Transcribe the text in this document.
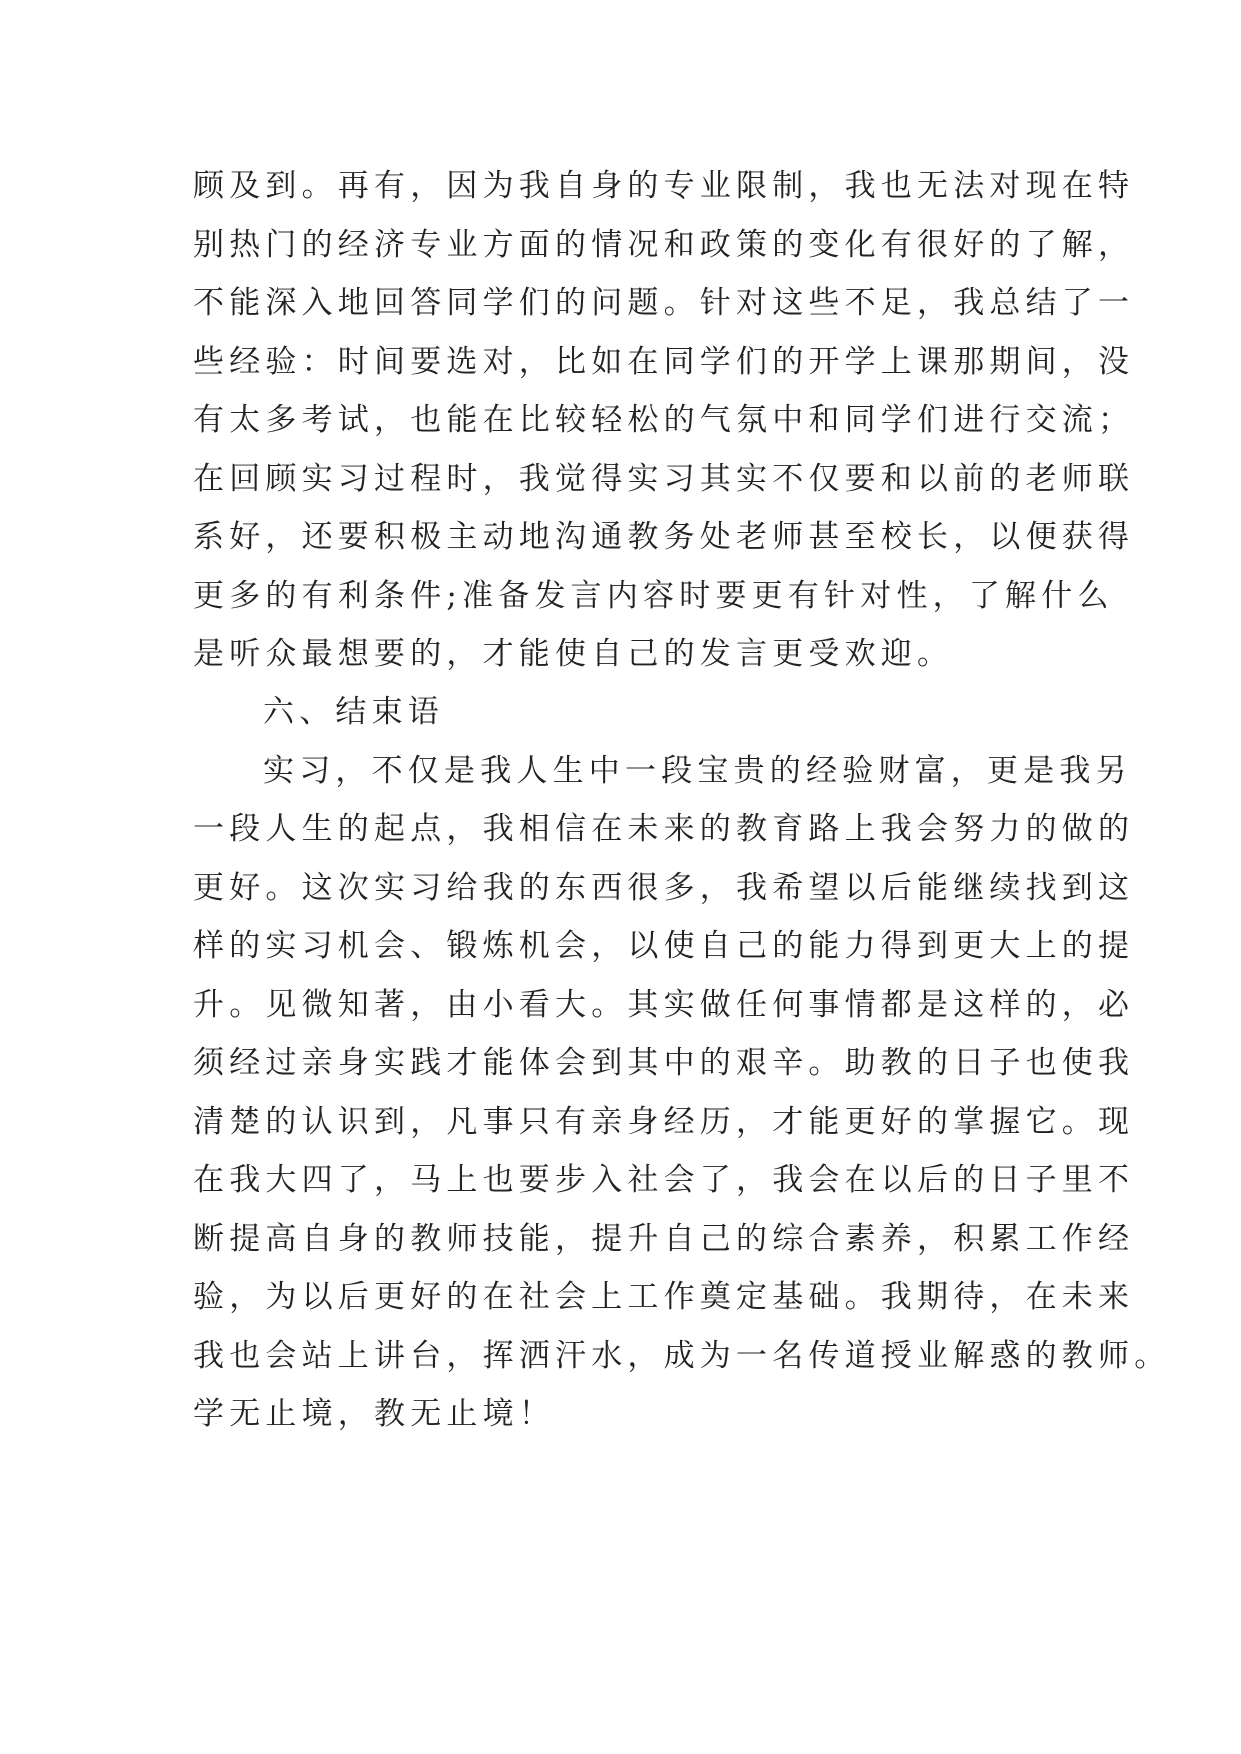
顾及到。再有，因为我自身的专业限制，我也无法对现在特
别热门的经济专业方面的情况和政策的变化有很好的了解，
不能深入地回答同学们的问题。针对这些不足，我总结了一
些经验：时间要选对，比如在同学们的开学上课那期间，没
有太多考试，也能在比较轻松的气氛中和同学们进行交流；
在回顾实习过程时，我觉得实习其实不仅要和以前的老师联
系好，还要积极主动地沟通教务处老师甚至校长，以便获得
更多的有利条件;准备发言内容时要更有针对性，了解什么
是听众最想要的，才能使自己的发言更受欢迎。
六、结束语
实习，不仅是我人生中一段宝贵的经验财富，更是我另
一段人生的起点，我相信在未来的教育路上我会努力的做的
更好。这次实习给我的东西很多，我希望以后能继续找到这
样的实习机会、锻炼机会，以使自己的能力得到更大上的提
升。见微知著，由小看大。其实做任何事情都是这样的，必
须经过亲身实践才能体会到其中的艰辛。助教的日子也使我
清楚的认识到，凡事只有亲身经历，才能更好的掌握它。现
在我大四了，马上也要步入社会了，我会在以后的日子里不
断提高自身的教师技能，提升自己的综合素养，积累工作经
验，为以后更好的在社会上工作奠定基础。我期待，在未来
我也会站上讲台，挥洒汗水，成为一名传道授业解惑的教师。
学无止境，教无止境！
